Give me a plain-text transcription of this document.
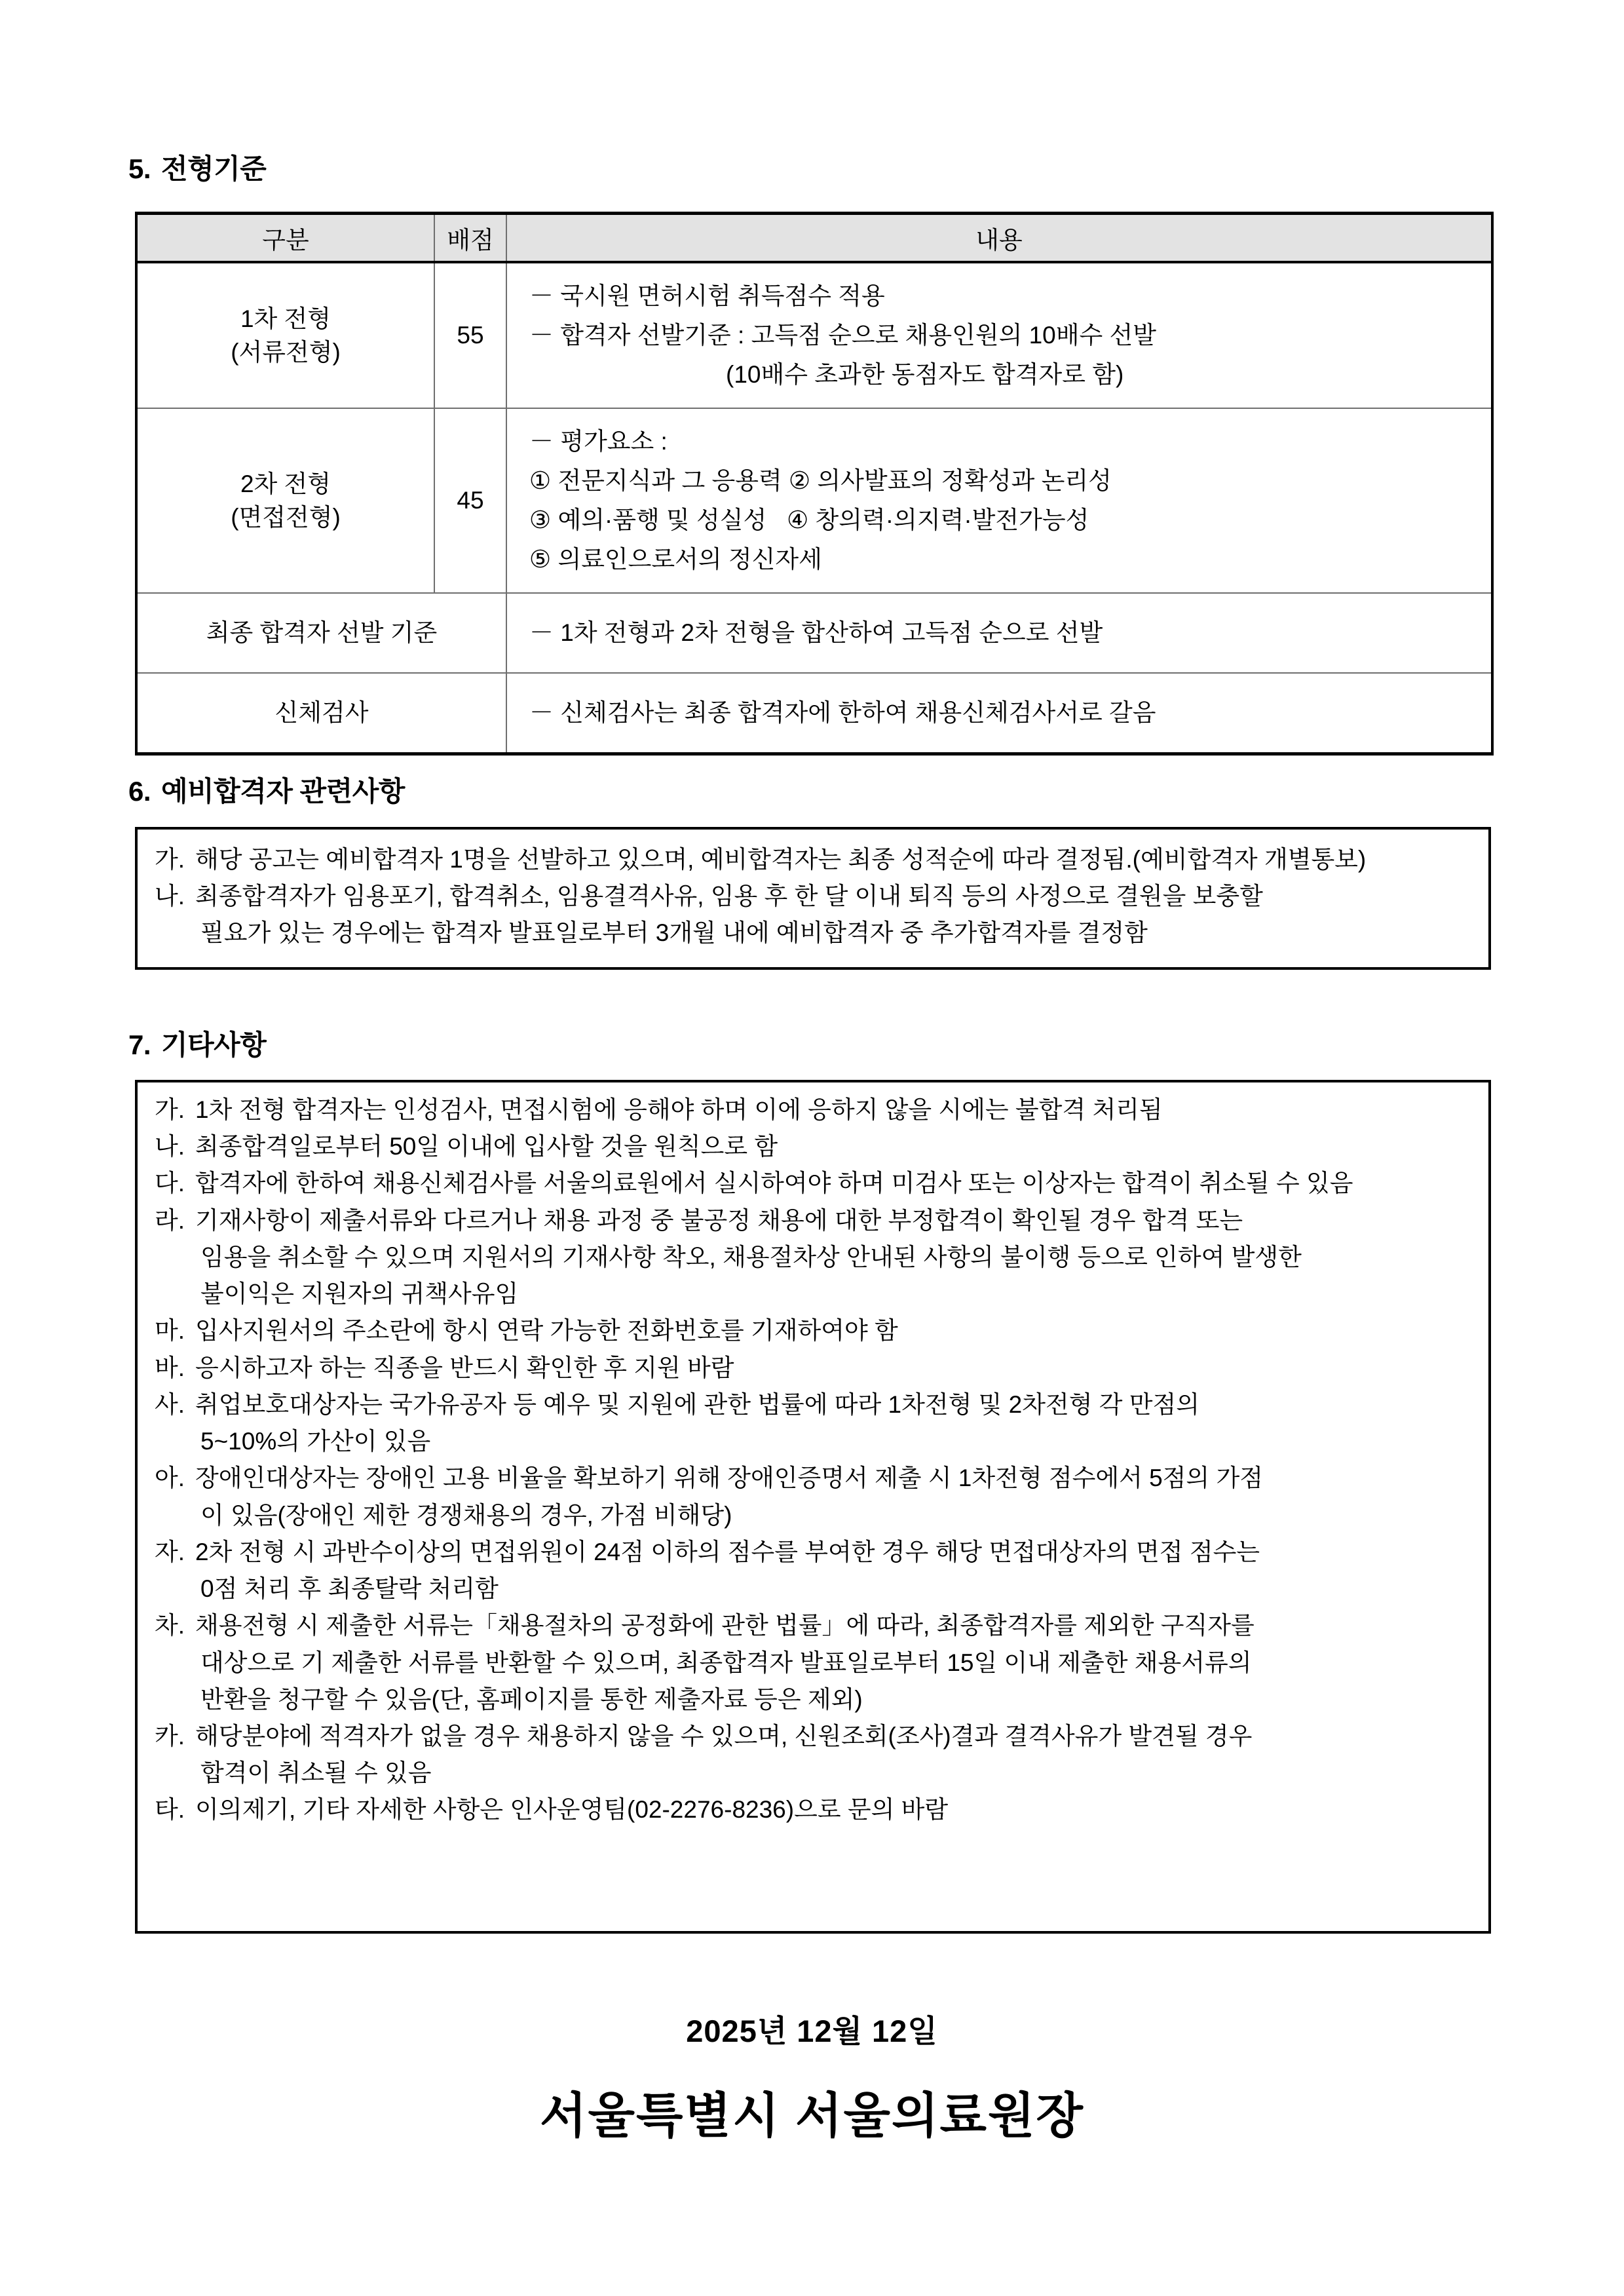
5. 전형기준
구분	배점	내용

1차 전형
(서류전형)	55	－ 국시원 면허시험 취득점수 적용
－ 합격자 선발기준 : 고득점 순으로 채용인원의 10배수 선발
(10배수 초과한 동점자도 합격자로 함)

2차 전형
(면접전형)	45	－ 평가요소 :
① 전문지식과 그 응용력 ② 의사발표의 정확성과 논리성
③ 예의·품행 및 성실성   ④ 창의력·의지력·발전가능성
⑤ 의료인으로서의 정신자세

최종 합격자 선발 기준		－ 1차 전형과 2차 전형을 합산하여 고득점 순으로 선발

신체검사		－ 신체검사는 최종 합격자에 한하여 채용신체검사서로 갈음
6. 예비합격자 관련사항
가. 해당 공고는 예비합격자 1명을 선발하고 있으며, 예비합격자는 최종 성적순에 따라 결정됨.(예비합격자 개별통보)
나. 최종합격자가 임용포기, 합격취소, 임용결격사유, 임용 후 한 달 이내 퇴직 등의 사정으로 결원을 보충할
필요가 있는 경우에는 합격자 발표일로부터 3개월 내에 예비합격자 중 추가합격자를 결정함
7. 기타사항
가. 1차 전형 합격자는 인성검사, 면접시험에 응해야 하며 이에 응하지 않을 시에는 불합격 처리됨
나. 최종합격일로부터 50일 이내에 입사할 것을 원칙으로 함
다. 합격자에 한하여 채용신체검사를 서울의료원에서 실시하여야 하며 미검사 또는 이상자는 합격이 취소될 수 있음
라. 기재사항이 제출서류와 다르거나 채용 과정 중 불공정 채용에 대한 부정합격이 확인될 경우 합격 또는
임용을 취소할 수 있으며 지원서의 기재사항 착오, 채용절차상 안내된 사항의 불이행 등으로 인하여 발생한
불이익은 지원자의 귀책사유임
마. 입사지원서의 주소란에 항시 연락 가능한 전화번호를 기재하여야 함
바. 응시하고자 하는 직종을 반드시 확인한 후 지원 바람
사. 취업보호대상자는 국가유공자 등 예우 및 지원에 관한 법률에 따라 1차전형 및 2차전형 각 만점의
5~10%의 가산이 있음
아. 장애인대상자는 장애인 고용 비율을 확보하기 위해 장애인증명서 제출 시 1차전형 점수에서 5점의 가점
이 있음(장애인 제한 경쟁채용의 경우, 가점 비해당)
자. 2차 전형 시 과반수이상의 면접위원이 24점 이하의 점수를 부여한 경우 해당 면접대상자의 면접 점수는
0점 처리 후 최종탈락 처리함
차. 채용전형 시 제출한 서류는「채용절차의 공정화에 관한 법률」에 따라, 최종합격자를 제외한 구직자를
대상으로 기 제출한 서류를 반환할 수 있으며, 최종합격자 발표일로부터 15일 이내 제출한 채용서류의
반환을 청구할 수 있음(단, 홈페이지를 통한 제출자료 등은 제외)
카. 해당분야에 적격자가 없을 경우 채용하지 않을 수 있으며, 신원조회(조사)결과 결격사유가 발견될 경우
합격이 취소될 수 있음
타. 이의제기, 기타 자세한 사항은 인사운영팀(02-2276-8236)으로 문의 바람
2025년 12월 12일
서울특별시 서울의료원장
